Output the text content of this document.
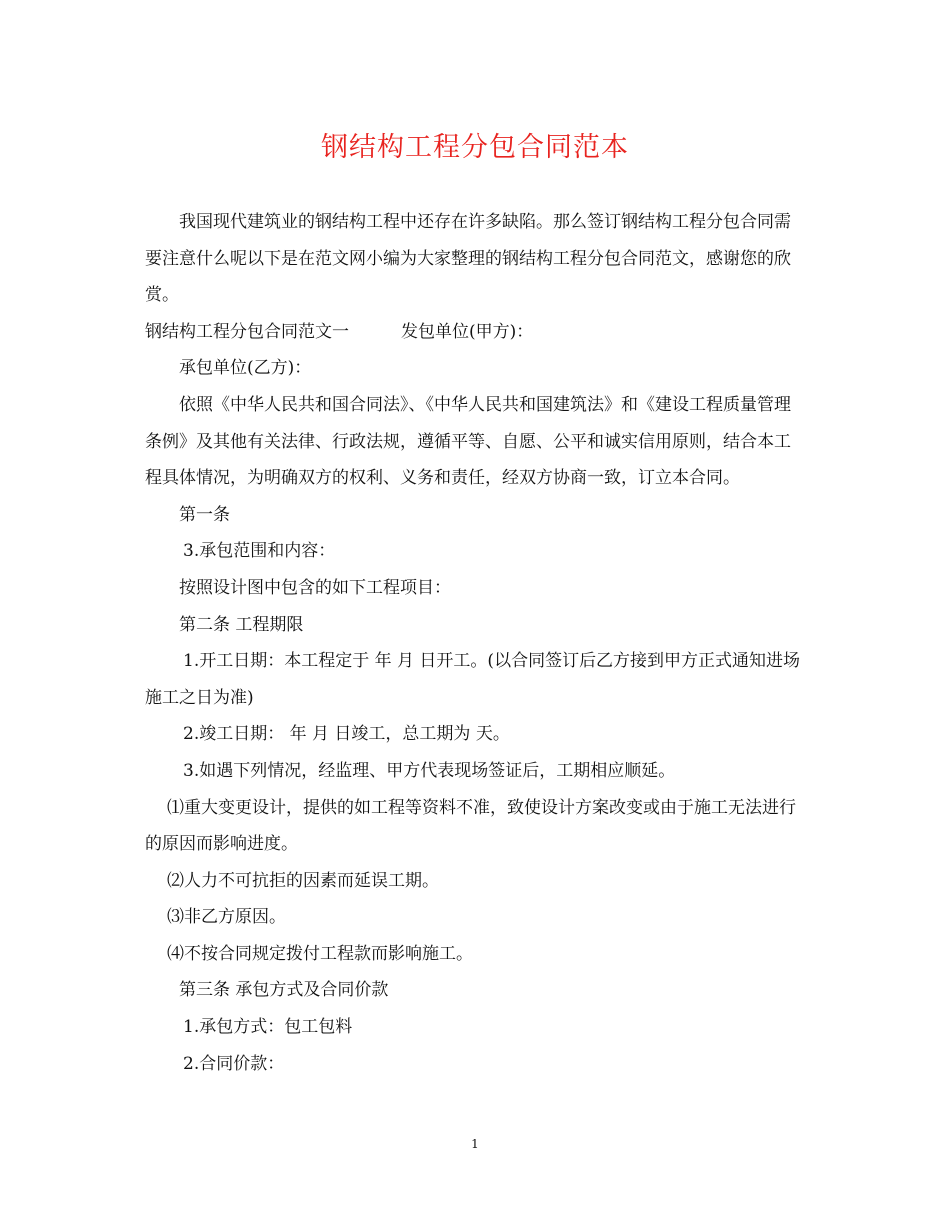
钢结构工程分包合同范本

我国现代建筑业的钢结构工程中还存在许多缺陷。那么签订钢结构工程分包合同需要注意什么呢以下是在范文网小编为大家整理的钢结构工程分包合同范文，感谢您的欣赏。

钢结构工程分包合同范文一	发包单位(甲方)：

承包单位(乙方)：

依照《中华人民共和国合同法》、《中华人民共和国建筑法》和《建设工程质量管理条例》及其他有关法律、行政法规，遵循平等、自愿、公平和诚实信用原则，结合本工程具体情况，为明确双方的权利、义务和责任，经双方协商一致，订立本合同。

第一条

3.承包范围和内容：

按照设计图中包含的如下工程项目：

第二条 工程期限

1.开工日期：本工程定于 年 月 日开工。(以合同签订后乙方接到甲方正式通知进场施工之日为准)

2.竣工日期： 年 月 日竣工，总工期为 天。

3.如遇下列情况，经监理、甲方代表现场签证后，工期相应顺延。

⑴重大变更设计，提供的如工程等资料不准，致使设计方案改变或由于施工无法进行的原因而影响进度。

⑵人力不可抗拒的因素而延误工期。

⑶非乙方原因。

⑷不按合同规定拨付工程款而影响施工。

第三条 承包方式及合同价款

1.承包方式：包工包料

2.合同价款：

1
